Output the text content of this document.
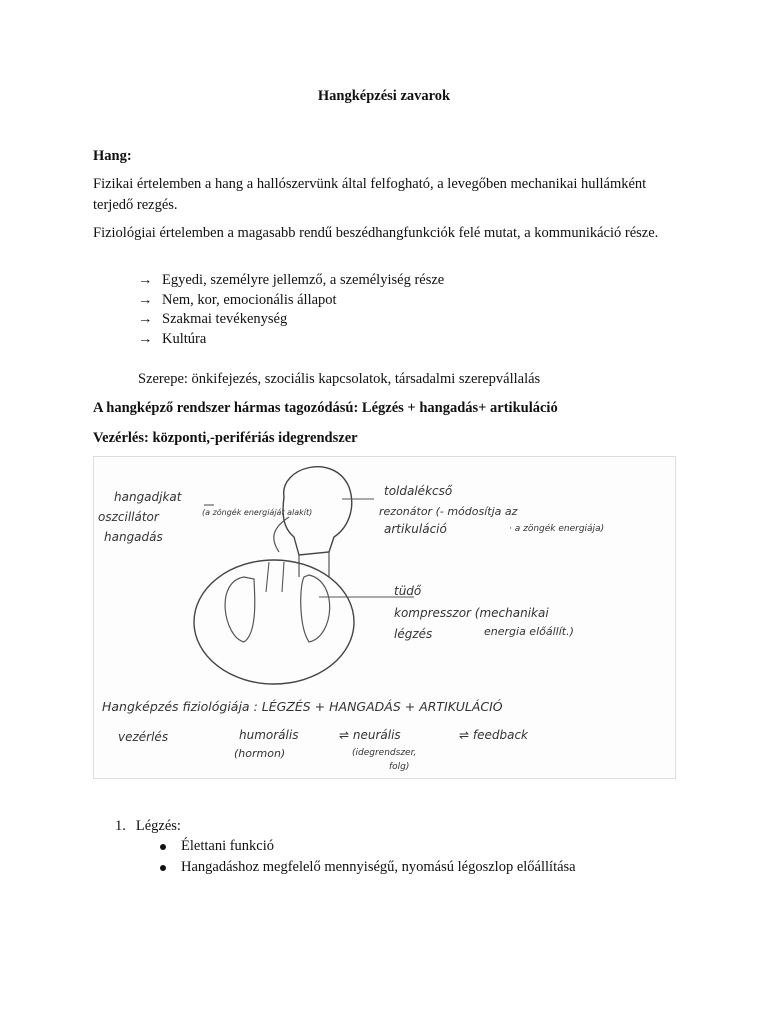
Hangképzési zavarok
Hang:
Fizikai értelemben a hang a hallószervünk által felfogható, a levegőben mechanikai hullámként terjedő rezgés.
Fiziológiai értelemben a magasabb rendű beszédhangfunkciók felé mutat, a kommunikáció része.
→ Egyedi, személyre jellemző, a személyiség része
→ Nem, kor, emocionális állapot
→ Szakmai tevékenység
→ Kultúra
Szerepe: önkifejezés, szociális kapcsolatok, társadalmi szerepvállalás
A hangképző rendszer hármas tagozódású: Légzés + hangadás+ artikuláció
Vezérlés: központi,-perifériás idegrendszer
hangadjkat
oszcillátor
hangadás
(a zöngék energiáját alakít)
toldalékcső
rezonátor (- módosítja az
artikuláció	· a zöngék energiája)
tüdő
kompresszor (mechanikai
energia előállít.)
légzés
Hangképzés fiziológiája : LÉGZÉS + HANGADÁS + ARTIKULÁCIÓ
vezérlés	humorális	⇌ neurális	⇌ feedback
(hormon)	(idegrendszer,
folg)
1. Légzés:
Élettani funkció
Hangadáshoz megfelelő mennyiségű, nyomású légoszlop előállítása
